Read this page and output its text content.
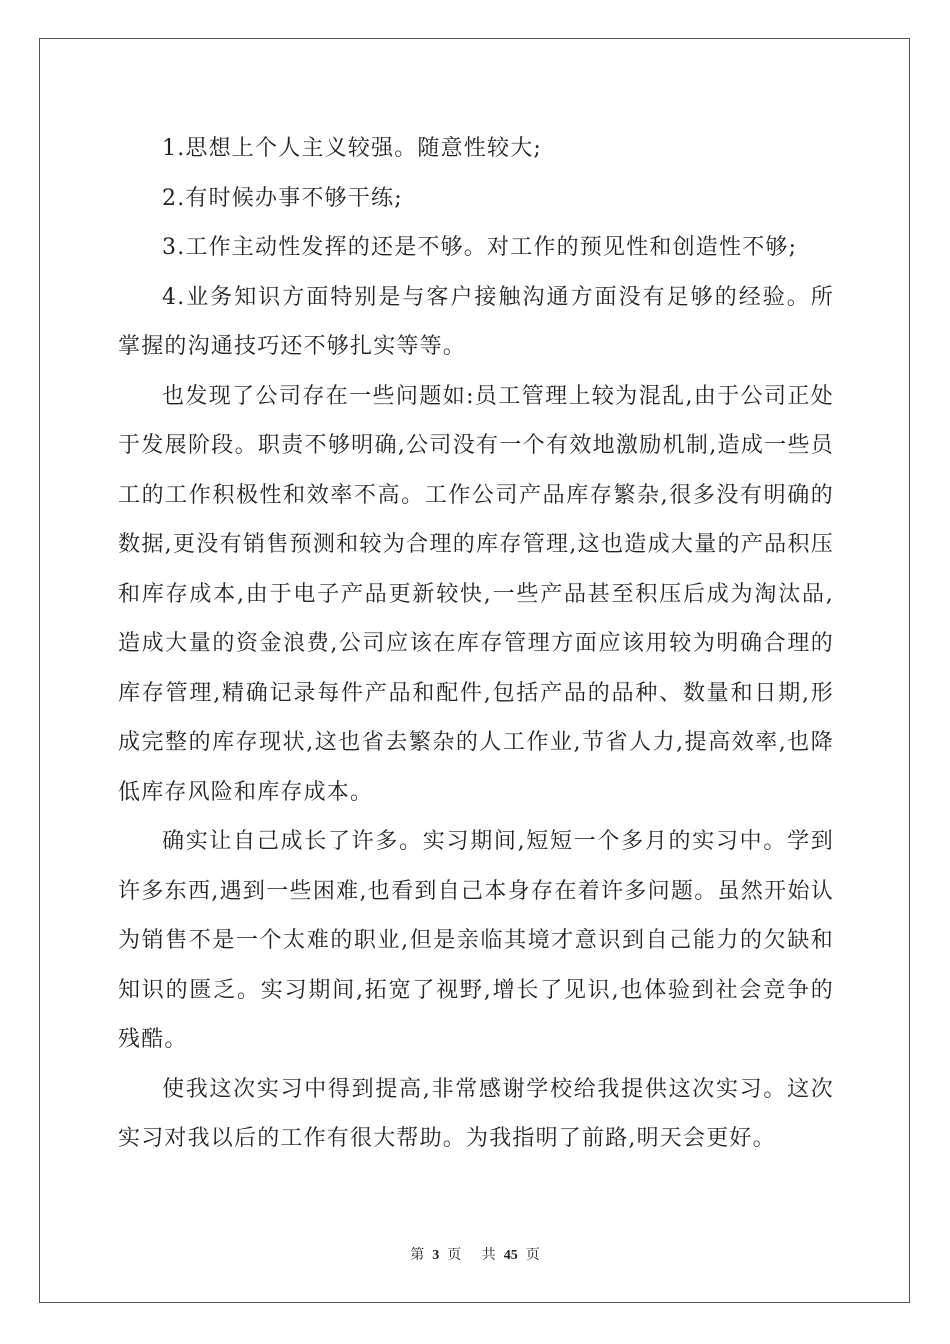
1.思想上个人主义较强。随意性较大;

2.有时候办事不够干练;

3.工作主动性发挥的还是不够。对工作的预见性和创造性不够;

4.业务知识方面特别是与客户接触沟通方面没有足够的经验。所掌握的沟通技巧还不够扎实等等。

也发现了公司存在一些问题如:员工管理上较为混乱,由于公司正处于发展阶段。职责不够明确,公司没有一个有效地激励机制,造成一些员工的工作积极性和效率不高。工作公司产品库存繁杂,很多没有明确的数据,更没有销售预测和较为合理的库存管理,这也造成大量的产品积压和库存成本,由于电子产品更新较快,一些产品甚至积压后成为淘汰品,造成大量的资金浪费,公司应该在库存管理方面应该用较为明确合理的库存管理,精确记录每件产品和配件,包括产品的品种、数量和日期,形成完整的库存现状,这也省去繁杂的人工作业,节省人力,提高效率,也降低库存风险和库存成本。

确实让自己成长了许多。实习期间,短短一个多月的实习中。学到许多东西,遇到一些困难,也看到自己本身存在着许多问题。虽然开始认为销售不是一个太难的职业,但是亲临其境才意识到自己能力的欠缺和知识的匮乏。实习期间,拓宽了视野,增长了见识,也体验到社会竞争的残酷。

使我这次实习中得到提高,非常感谢学校给我提供这次实习。这次实习对我以后的工作有很大帮助。为我指明了前路,明天会更好。

第 3 页 共 45 页
